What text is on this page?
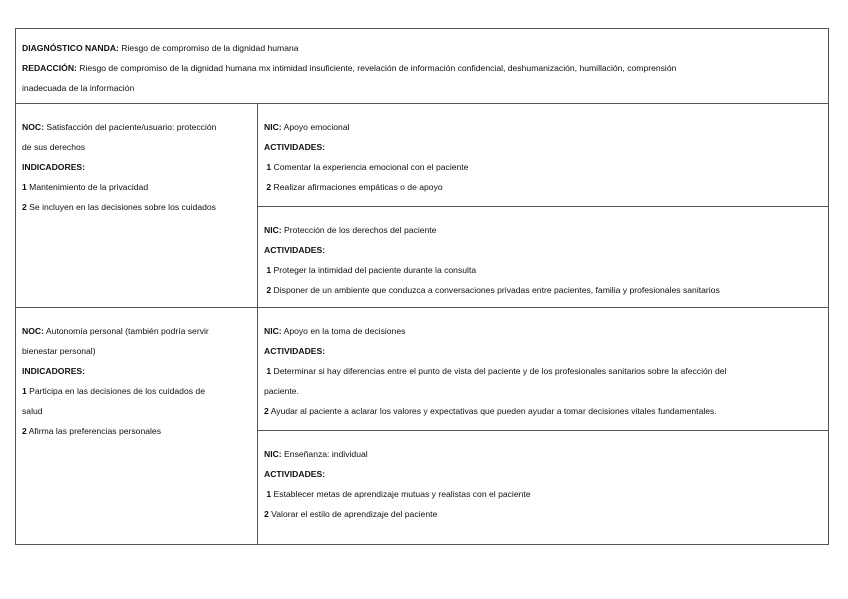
DIAGNÓSTICO NANDA: Riesgo de compromiso de la dignidad humana
REDACCIÓN: Riesgo de compromiso de la dignidad humana mx intimidad insuficiente, revelación de información confidencial, deshumanización, humillación, comprensión
inadecuada de la información
NOC: Satisfacción del paciente/usuario: protección
de sus derechos
INDICADORES:
1 Mantenimiento de la privacidad
2 Se incluyen en las decisiones sobre los cuidados
NIC: Apoyo emocional
ACTIVIDADES:
1 Comentar la experiencia emocional con el paciente
2 Realizar afirmaciones empáticas o de apoyo
NIC: Protección de los derechos del paciente
ACTIVIDADES:
1 Proteger la intimidad del paciente durante la consulta
2 Disponer de un ambiente que conduzca a conversaciones privadas entre pacientes, familia y profesionales sanitarios
NOC: Autonomía personal (también podría servir
bienestar personal)
INDICADORES:
1 Participa en las decisiones de los cuidados de
salud
2 Afirma las preferencias personales
NIC: Apoyo en la toma de decisiones
ACTIVIDADES:
1 Determinar si hay diferencias entre el punto de vista del paciente y de los profesionales sanitarios sobre la afección del
paciente.
2 Ayudar al paciente a aclarar los valores y expectativas que pueden ayudar a tomar decisiones vitales fundamentales.
NIC: Enseñanza: individual
ACTIVIDADES:
1 Establecer metas de aprendizaje mutuas y realistas con el paciente
2 Valorar el estilo de aprendizaje del paciente
